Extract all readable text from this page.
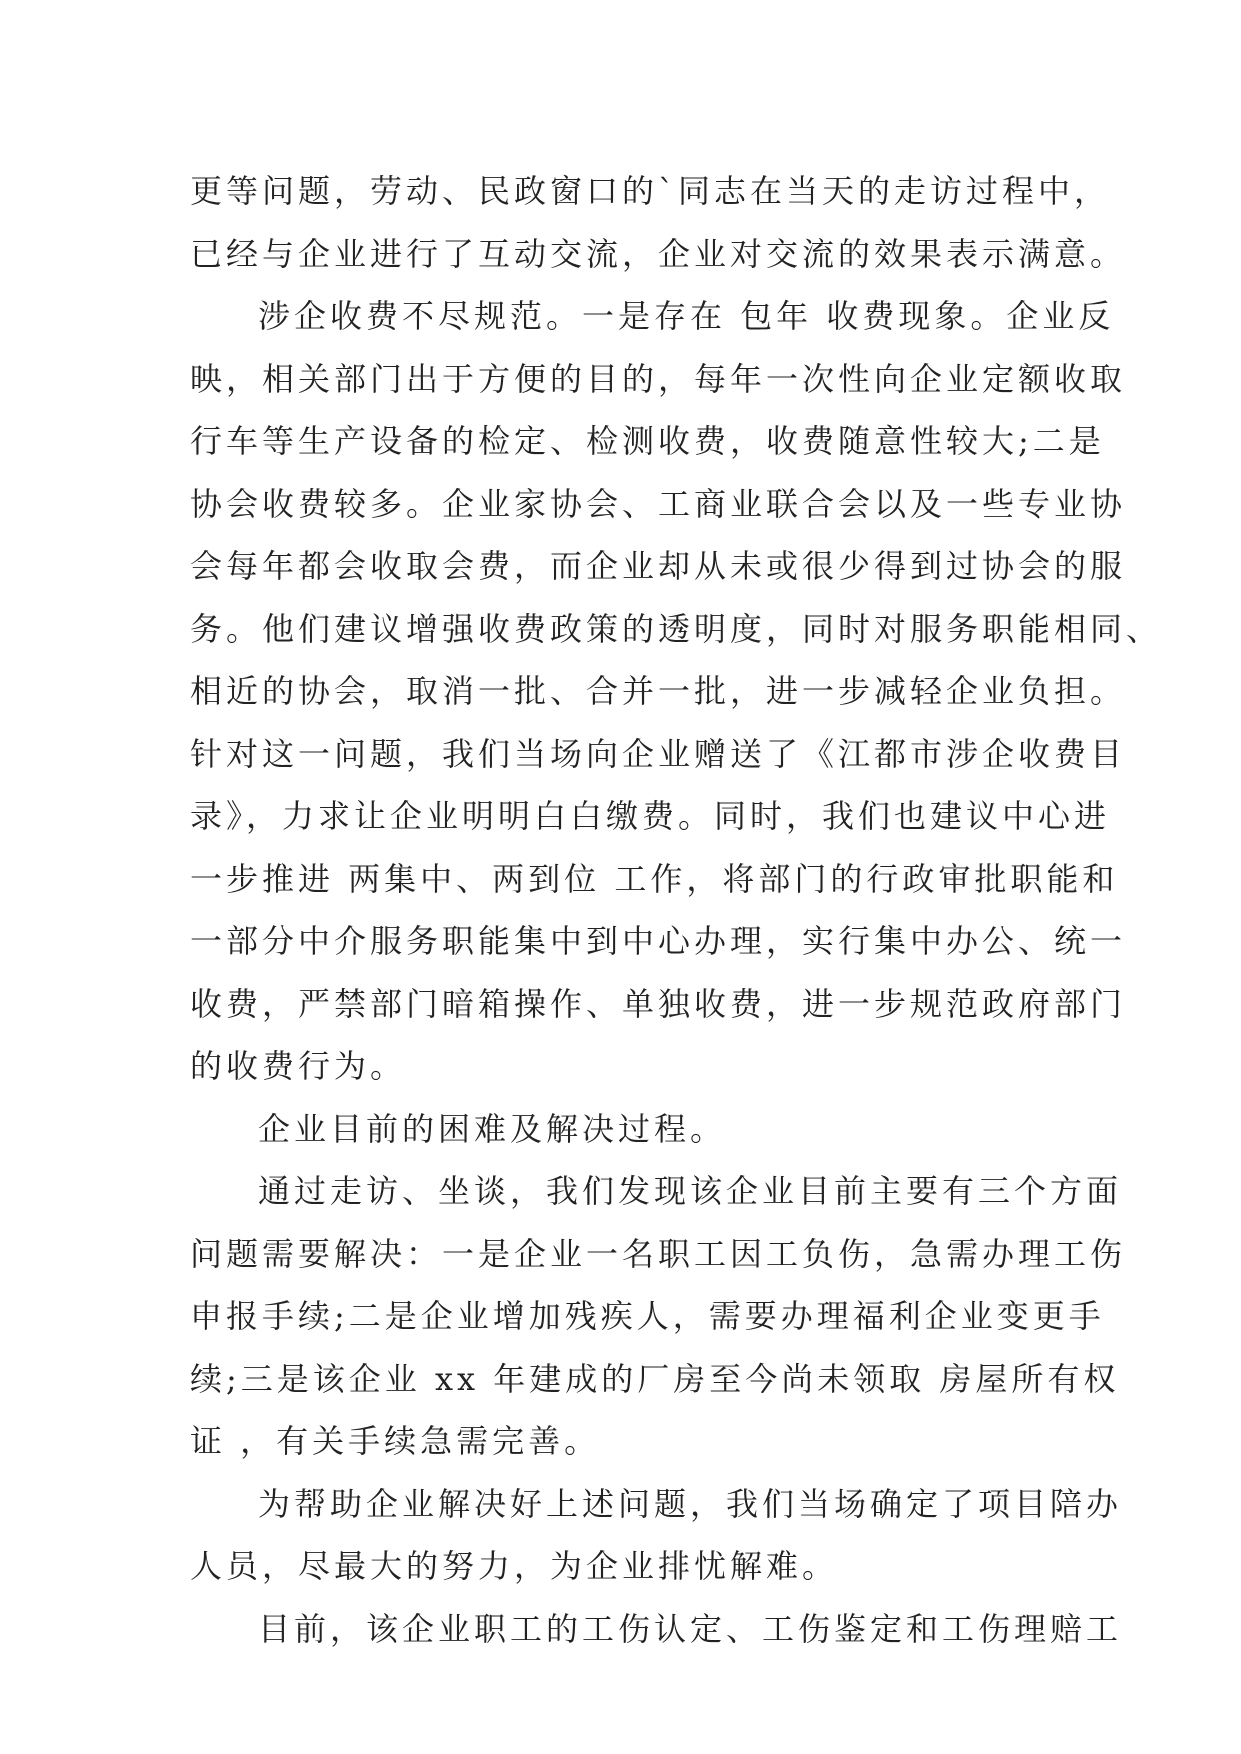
更等问题，劳动、民政窗口的`同志在当天的走访过程中，
已经与企业进行了互动交流，企业对交流的效果表示满意。
涉企收费不尽规范。一是存在 包年 收费现象。企业反
映，相关部门出于方便的目的，每年一次性向企业定额收取
行车等生产设备的检定、检测收费，收费随意性较大;二是
协会收费较多。企业家协会、工商业联合会以及一些专业协
会每年都会收取会费，而企业却从未或很少得到过协会的服
务。他们建议增强收费政策的透明度，同时对服务职能相同、
相近的协会，取消一批、合并一批，进一步减轻企业负担。
针对这一问题，我们当场向企业赠送了《江都市涉企收费目
录》，力求让企业明明白白缴费。同时，我们也建议中心进
一步推进 两集中、两到位 工作，将部门的行政审批职能和
一部分中介服务职能集中到中心办理，实行集中办公、统一
收费，严禁部门暗箱操作、单独收费，进一步规范政府部门
的收费行为。
企业目前的困难及解决过程。
通过走访、坐谈，我们发现该企业目前主要有三个方面
问题需要解决：一是企业一名职工因工负伤，急需办理工伤
申报手续;二是企业增加残疾人，需要办理福利企业变更手
续;三是该企业 xx 年建成的厂房至今尚未领取 房屋所有权
证 ，有关手续急需完善。
为帮助企业解决好上述问题，我们当场确定了项目陪办
人员，尽最大的努力，为企业排忧解难。
目前，该企业职工的工伤认定、工伤鉴定和工伤理赔工
